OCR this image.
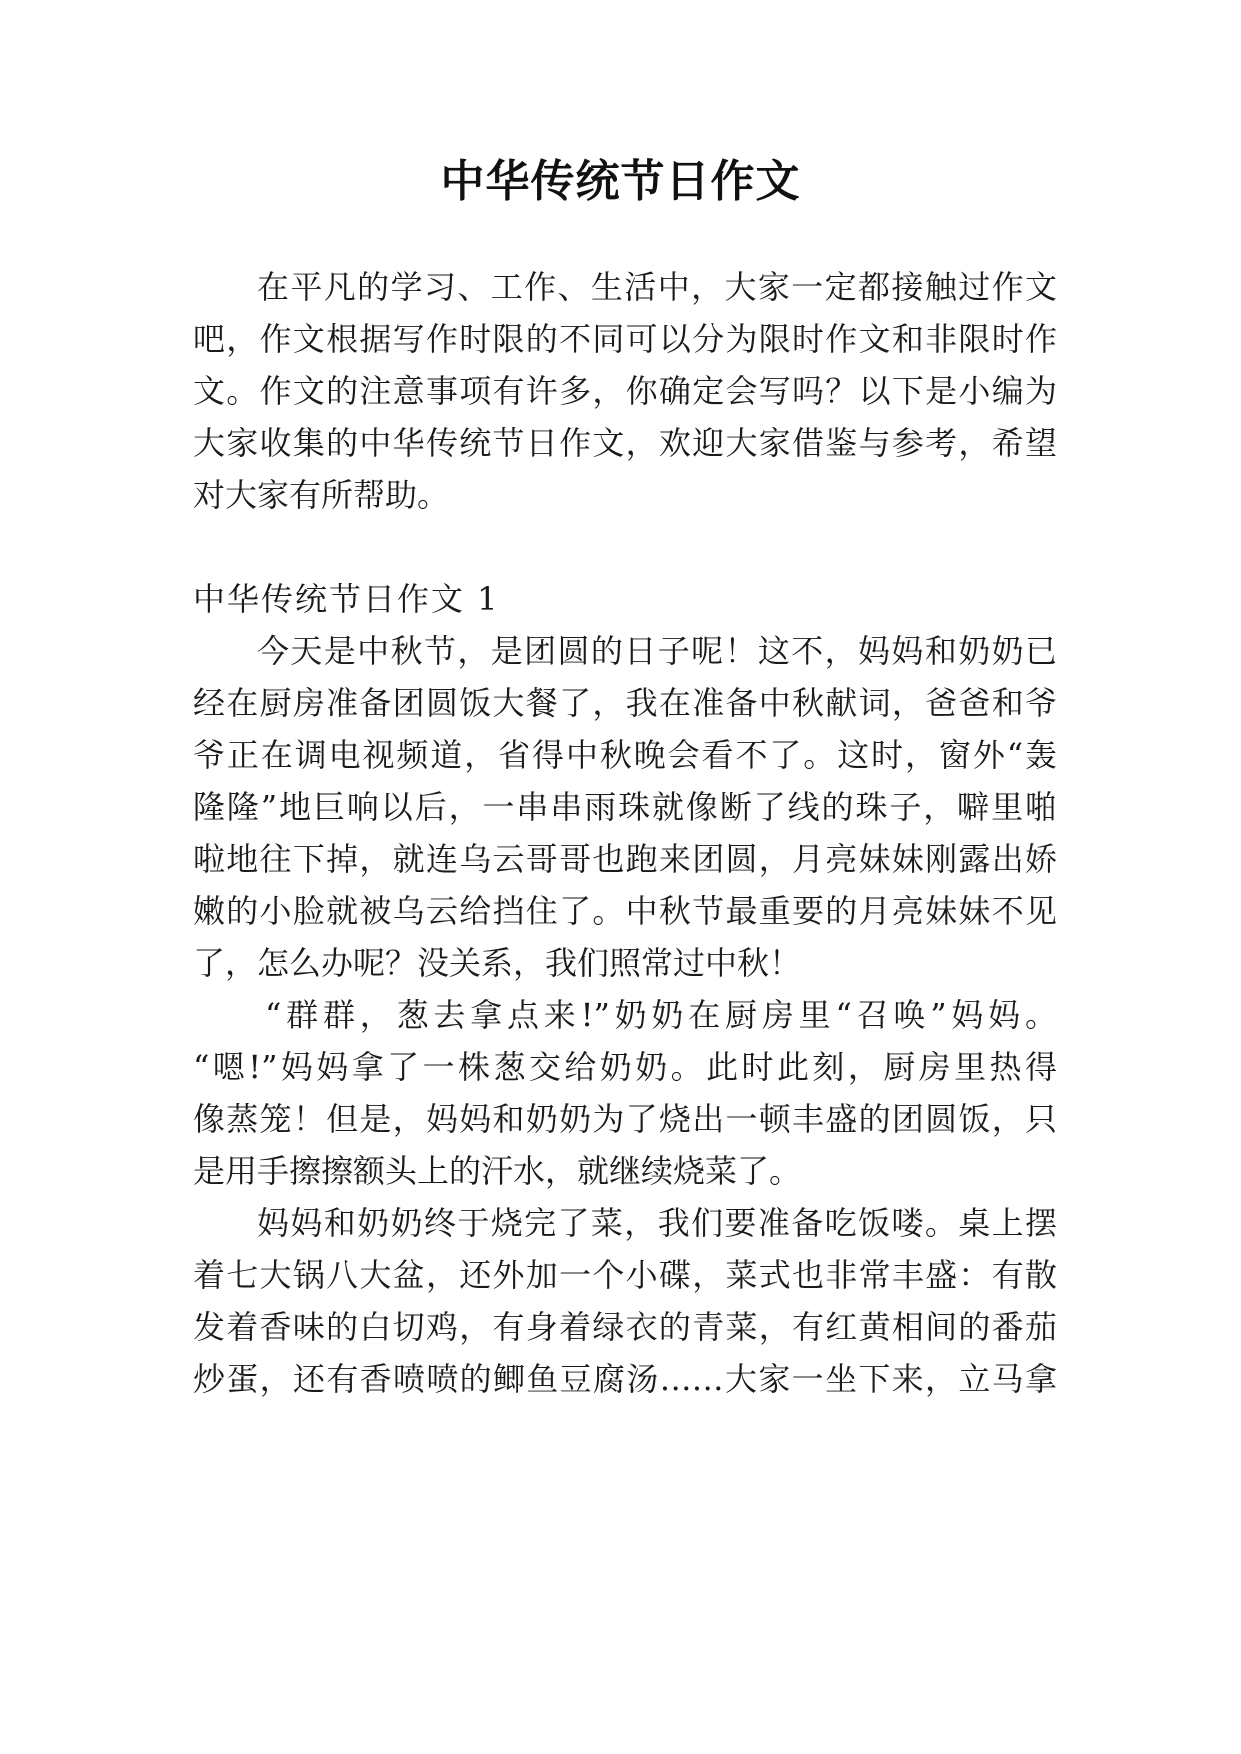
中华传统节日作文

在平凡的学习、工作、生活中，大家一定都接触过作文

吧，作文根据写作时限的不同可以分为限时作文和非限时作

文。作文的注意事项有许多，你确定会写吗？以下是小编为

大家收集的中华传统节日作文，欢迎大家借鉴与参考，希望

对大家有所帮助。

中华传统节日作文 1

今天是中秋节，是团圆的日子呢！这不，妈妈和奶奶已

经在厨房准备团圆饭大餐了，我在准备中秋献词，爸爸和爷

爷正在调电视频道，省得中秋晚会看不了。这时，窗外“轰

隆隆”地巨响以后，一串串雨珠就像断了线的珠子，噼里啪

啦地往下掉，就连乌云哥哥也跑来团圆，月亮妹妹刚露出娇

嫩的小脸就被乌云给挡住了。中秋节最重要的月亮妹妹不见

了，怎么办呢？没关系，我们照常过中秋！

“群群，葱去拿点来!”奶奶在厨房里“召唤”妈妈。

“嗯!”妈妈拿了一株葱交给奶奶。此时此刻，厨房里热得

像蒸笼！但是，妈妈和奶奶为了烧出一顿丰盛的团圆饭，只

是用手擦擦额头上的汗水，就继续烧菜了。

妈妈和奶奶终于烧完了菜，我们要准备吃饭喽。桌上摆

着七大锅八大盆，还外加一个小碟，菜式也非常丰盛：有散

发着香味的白切鸡，有身着绿衣的青菜，有红黄相间的番茄

炒蛋，还有香喷喷的鲫鱼豆腐汤……大家一坐下来，立马拿
